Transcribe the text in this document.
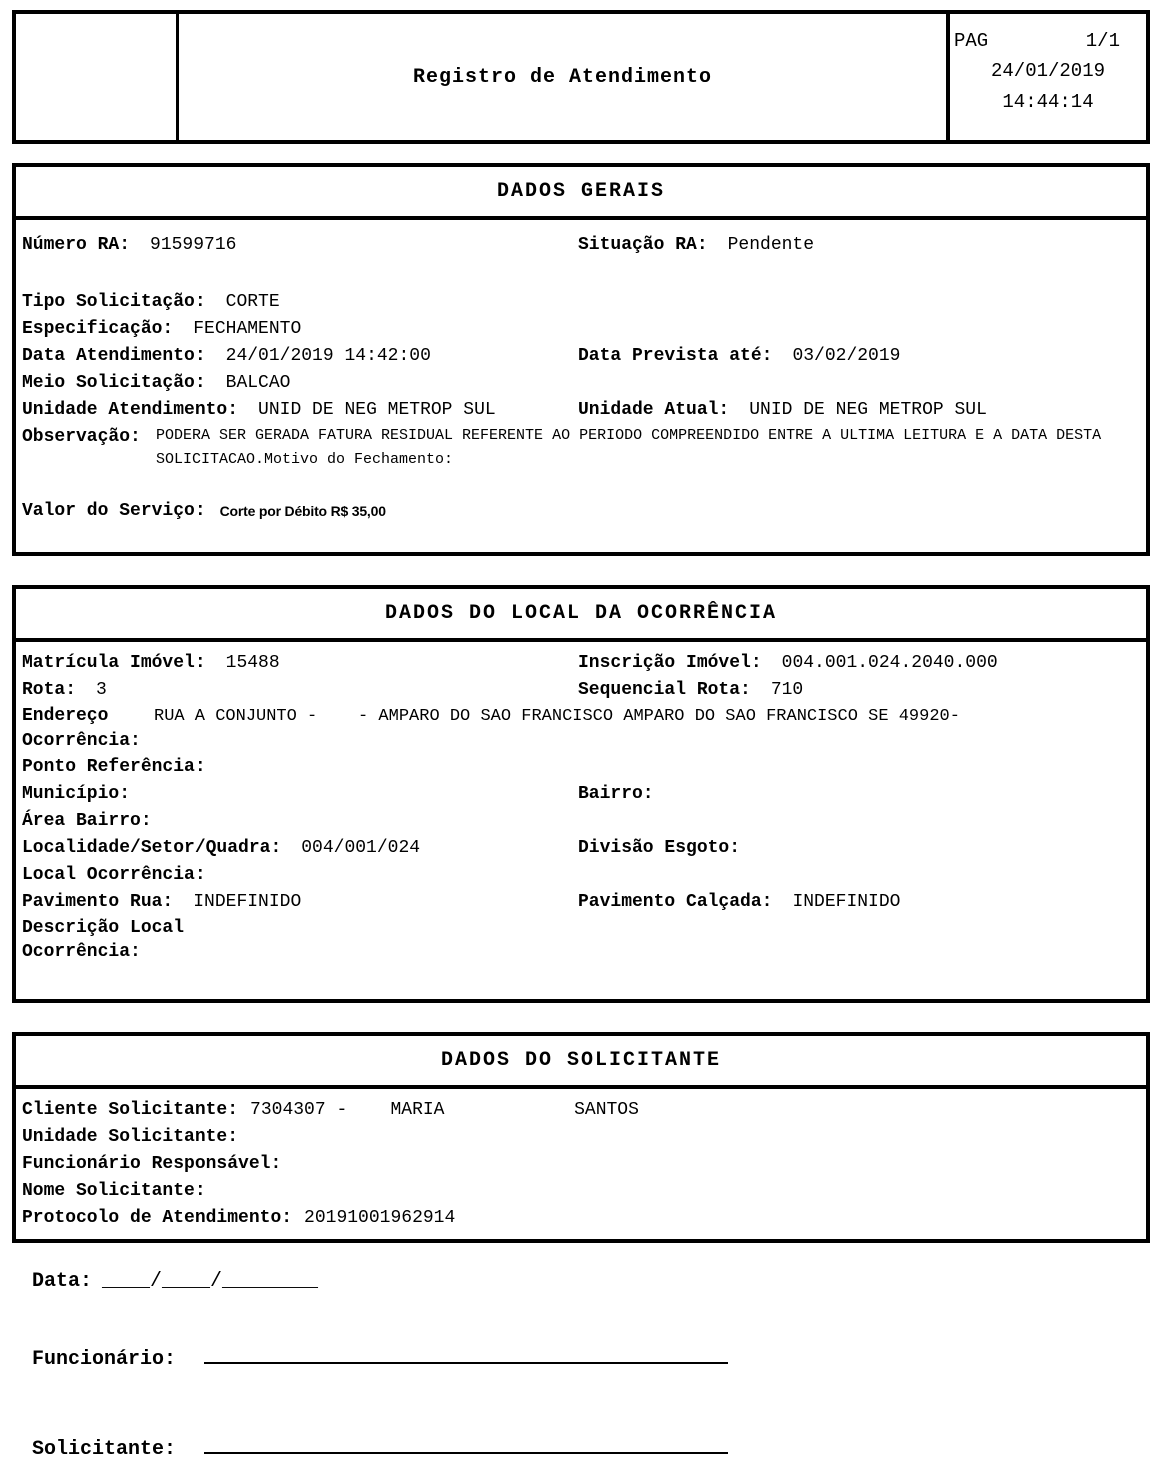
Registro de Atendimento
PAG	1/1
24/01/2019
14:44:14
DADOS GERAIS
Número RA: 91599716	Situação RA: Pendente
Tipo Solicitação: CORTE
Especificação: FECHAMENTO
Data Atendimento: 24/01/2019 14:42:00	Data Prevista até: 03/02/2019
Meio Solicitação: BALCAO
Unidade Atendimento: UNID DE NEG METROP SUL	Unidade Atual: UNID DE NEG METROP SUL
Observação:	PODERA SER GERADA FATURA RESIDUAL REFERENTE AO PERIODO COMPREENDIDO ENTRE A ULTIMA LEITURA E A DATA DESTA
SOLICITACAO.Motivo do Fechamento:
Valor do Serviço: Corte por Débito R$ 35,00
DADOS DO LOCAL DA OCORRÊNCIA
Matrícula Imóvel: 15488	Inscrição Imóvel: 004.001.024.2040.000
Rota: 3	Sequencial Rota: 710
Endereço
Ocorrência:
RUA A CONJUNTO -    - AMPARO DO SAO FRANCISCO AMPARO DO SAO FRANCISCO SE 49920-
Ponto Referência:
Município:	Bairro:
Área Bairro:
Localidade/Setor/Quadra: 004/001/024	Divisão Esgoto:
Local Ocorrência:
Pavimento Rua: INDEFINIDO	Pavimento Calçada: INDEFINIDO
Descrição Local
Ocorrência:
DADOS DO SOLICITANTE
Cliente Solicitante: 7304307 -    MARIA            SANTOS
Unidade Solicitante:
Funcionário Responsável:
Nome Solicitante:
Protocolo de Atendimento: 20191001962914
Data: ____/____/________
Funcionário:
Solicitante:
